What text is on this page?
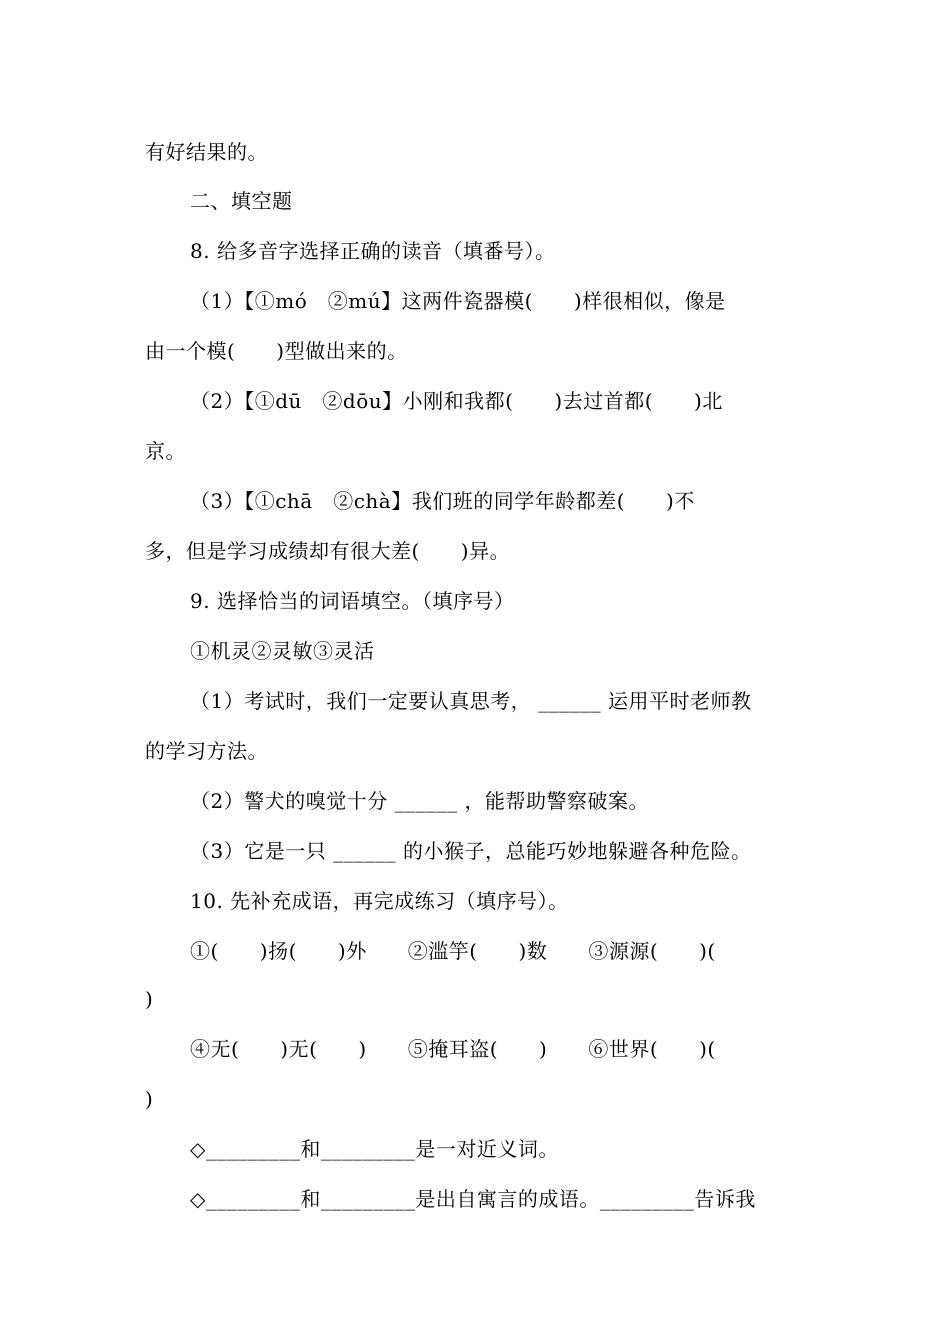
有好结果的。
二、填空题
8. 给多音字选择正确的读音（填番号）。
（1）【①mó　②mú】这两件瓷器模(　　)样很相似，像是
由一个模(　　)型做出来的。
（2）【①dū　②dōu】小刚和我都(　　)去过首都(　　)北
京。
（3）【①chā　②chà】我们班的同学年龄都差(　　)不
多，但是学习成绩却有很大差(　　)异。
9. 选择恰当的词语填空。（填序号）
①机灵②灵敏③灵活
（1）考试时，我们一定要认真思考， ______ 运用平时老师教
的学习方法。
（2）警犬的嗅觉十分 ______ ，能帮助警察破案。
（3）它是一只 ______ 的小猴子，总能巧妙地躲避各种危险。
10. 先补充成语，再完成练习（填序号）。
①(　　)扬(　　)外　　②滥竽(　　)数　　③源源(　　)(
)
④无(　　)无(　　)　　⑤掩耳盗(　　)　　⑥世界(　　)(
)
◇_________和_________是一对近义词。
◇_________和_________是出自寓言的成语。_________告诉我
